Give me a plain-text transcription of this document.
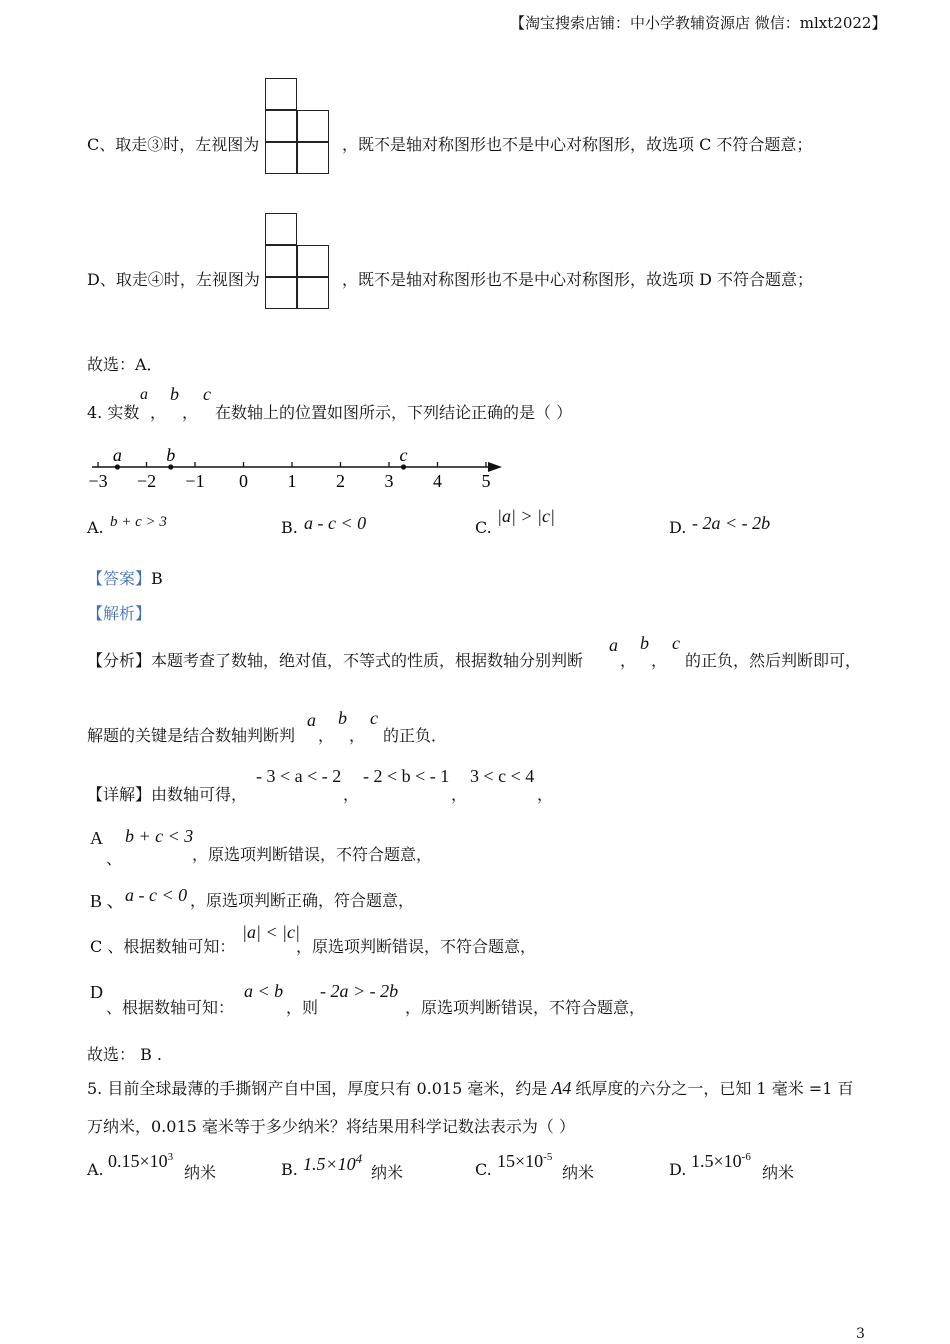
【淘宝搜索店铺：中小学教辅资源店 微信：mlxt2022】
C、取走③时，左视图为	，既不是轴对称图形也不是中心对称图形，故选项 C 不符合题意；
D、取走④时，左视图为	，既不是轴对称图形也不是中心对称图形，故选项 D 不符合题意；
故选：A．
4. 实数
a
，
b
，
c
在数轴上的位置如图所示，下列结论正确的是（ ）
−3 −2 −1 0 1 2 3 4 5
a b	c
A. b + c > 3	B. a - c < 0	C.
|a| > |c|
D. - 2a < - 2b
【答案】B
【解析】
【分析】本题考查了数轴，绝对值，不等式的性质，根据数轴分别判断
a
，
b
，
c
的正负，然后判断即可，
解题的关键是结合数轴判断判
a
，
b
，
c
的正负．
【详解】由数轴可得，
- 3 < a < - 2
，
- 2 < b < - 1
，
3 < c < 4
，
A
、
b + c < 3
，原选项判断错误，不符合题意，
B 、 a - c < 0 ，原选项判断正确，符合题意，
C 、根据数轴可知：
|a| < |c|
，原选项判断错误，不符合题意，
D
、根据数轴可知：
a < b
，则
- 2a > - 2b
，原选项判断错误，不符合题意，
故选： B .
5. 目前全球最薄的手撕钢产自中国，厚度只有 0.015 毫米，约是 A4 纸厚度的六分之一，已知 1 毫米 =1 百
万纳米，0.015 毫米等于多少纳米？将结果用科学记数法表示为（ ）
A. $0.15\times 10^3$
纳米	B. $1.5\times 10^4$
纳米	C. $15\times 10^{-5}$
纳米	D. $1.5\times 10^{-6}$
纳米
3
